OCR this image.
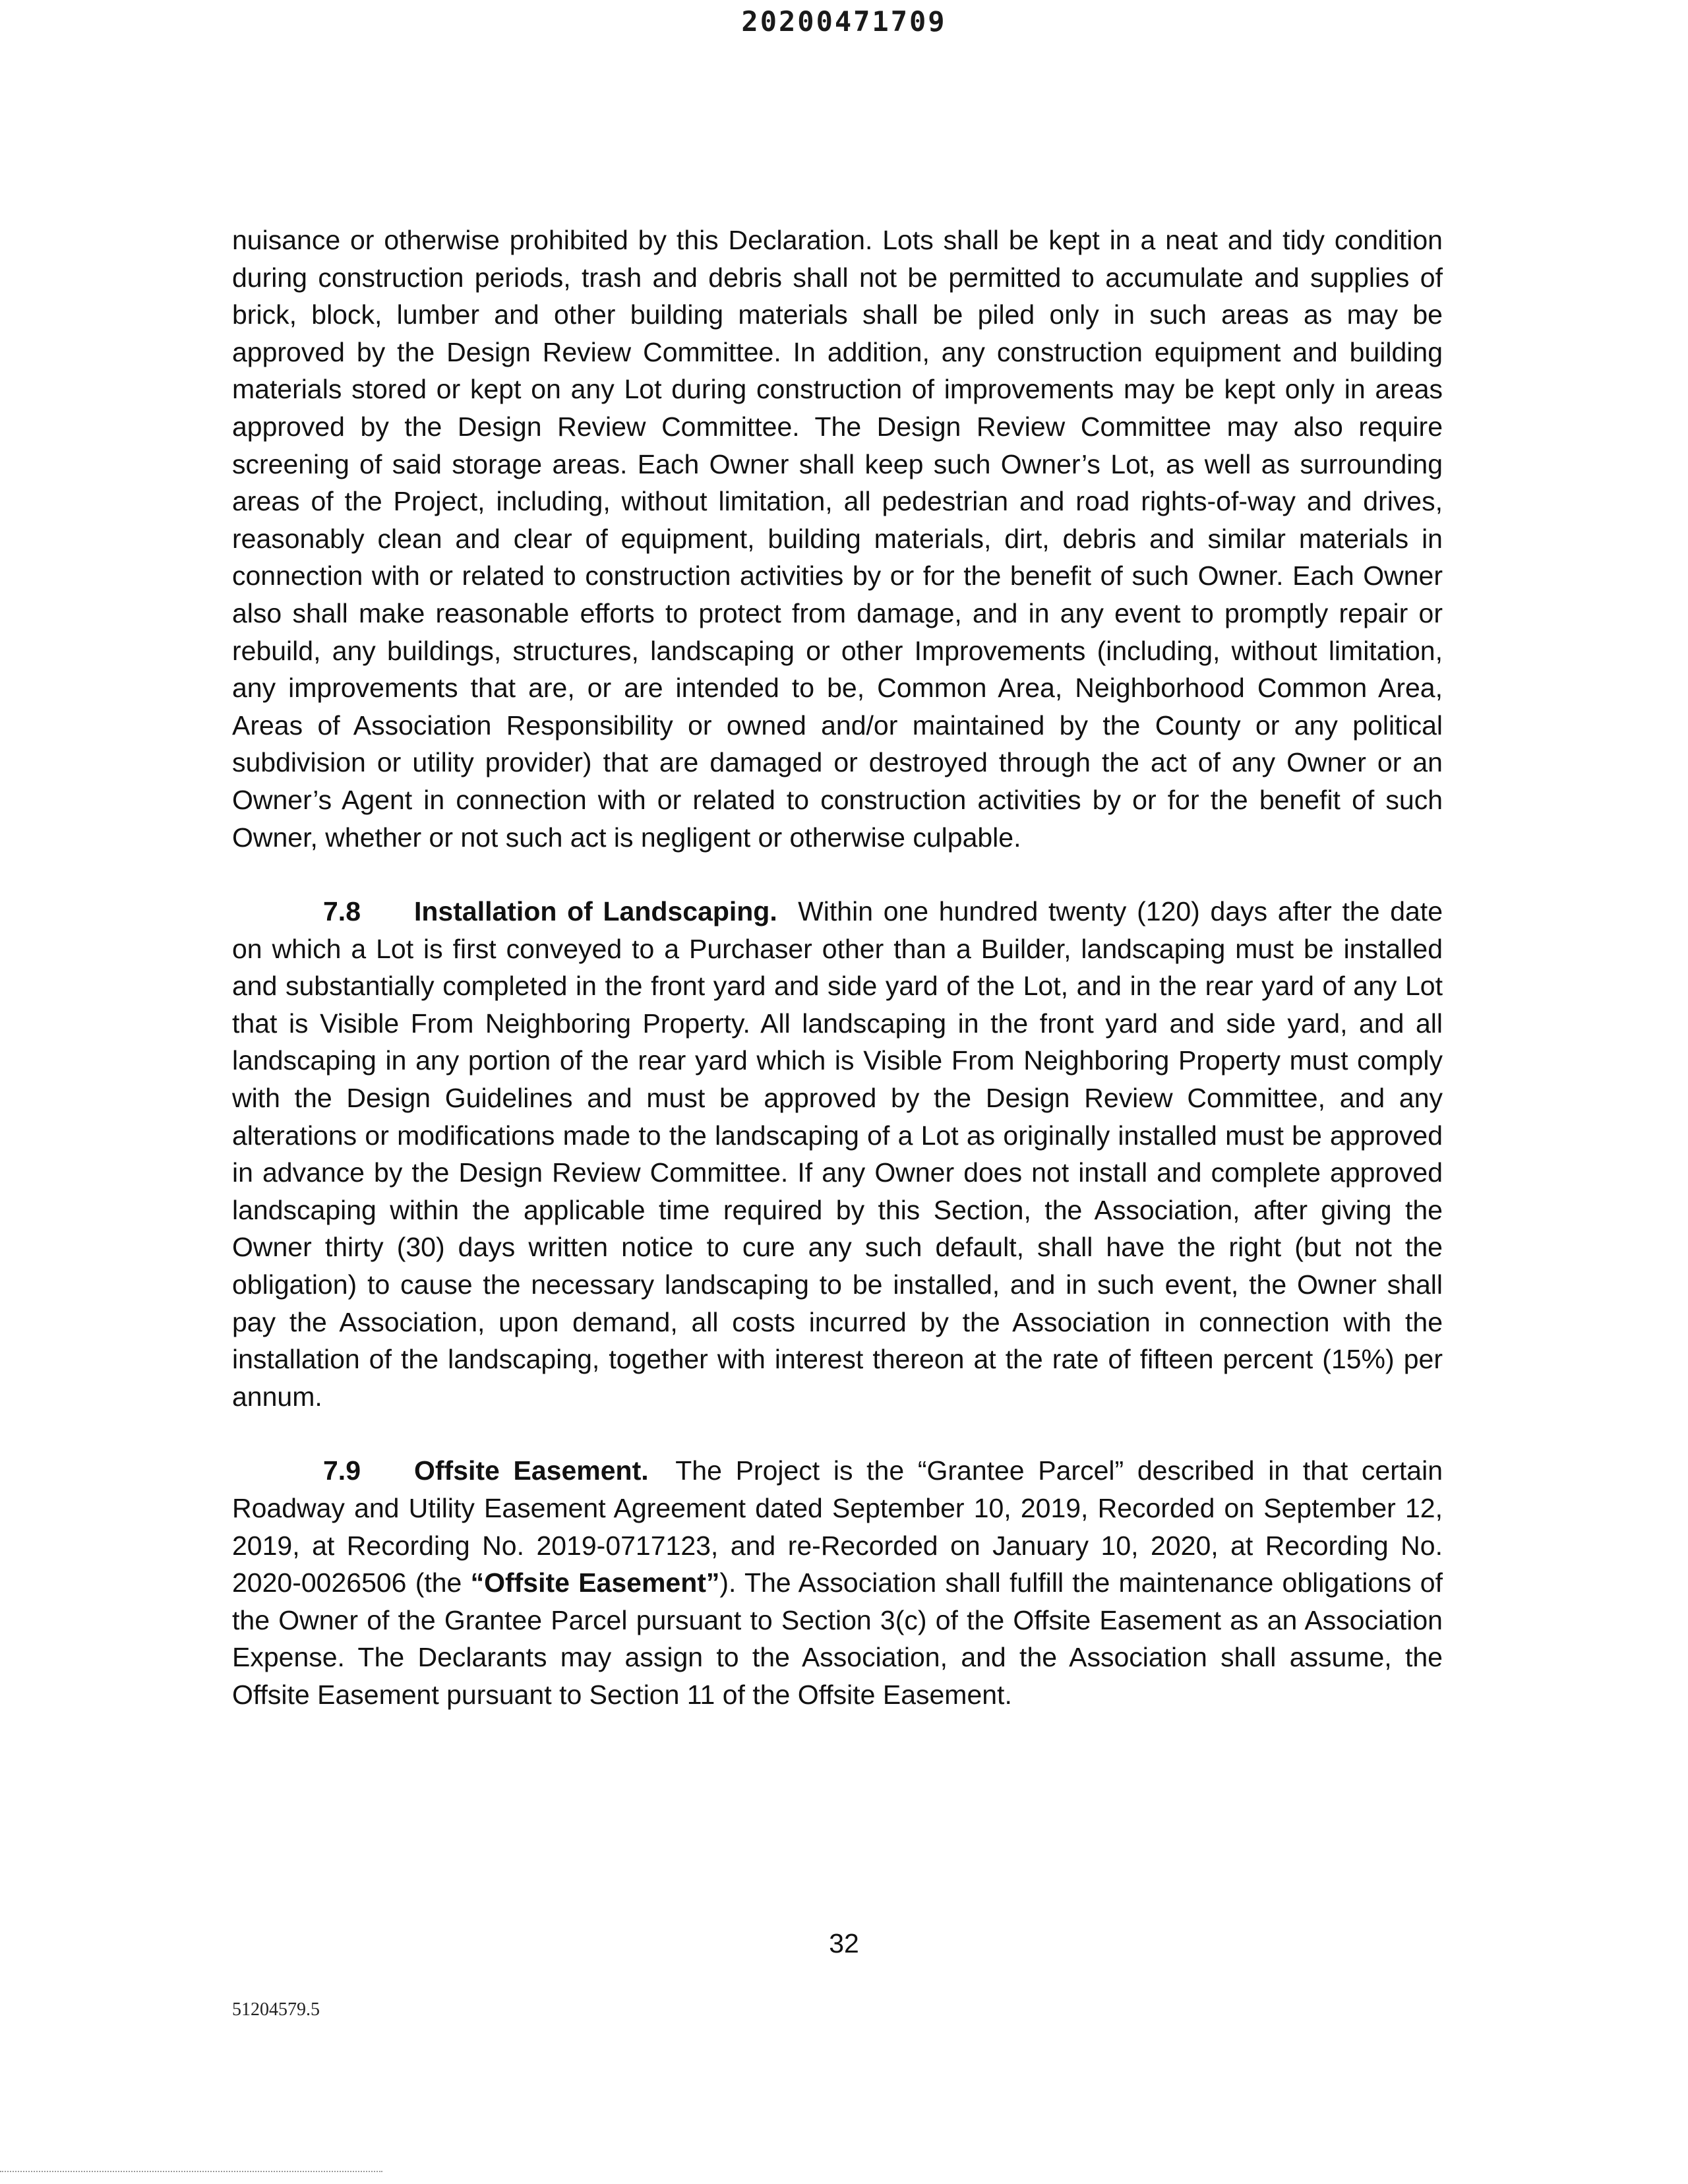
20200471709

nuisance or otherwise prohibited by this Declaration. Lots shall be kept in a neat and tidy condition during construction periods, trash and debris shall not be permitted to accumulate and supplies of brick, block, lumber and other building materials shall be piled only in such areas as may be approved by the Design Review Committee. In addition, any construction equipment and building materials stored or kept on any Lot during construction of improvements may be kept only in areas approved by the Design Review Committee. The Design Review Committee may also require screening of said storage areas. Each Owner shall keep such Owner’s Lot, as well as surrounding areas of the Project, including, without limitation, all pedestrian and road rights-of-way and drives, reasonably clean and clear of equipment, building materials, dirt, debris and similar materials in connection with or related to construction activities by or for the benefit of such Owner. Each Owner also shall make reasonable efforts to protect from damage, and in any event to promptly repair or rebuild, any buildings, structures, landscaping or other Improvements (including, without limitation, any improvements that are, or are intended to be, Common Area, Neighborhood Common Area, Areas of Association Responsibility or owned and/or maintained by the County or any political subdivision or utility provider) that are damaged or destroyed through the act of any Owner or an Owner’s Agent in connection with or related to construction activities by or for the benefit of such Owner, whether or not such act is negligent or otherwise culpable.

7.8 Installation of Landscaping. Within one hundred twenty (120) days after the date on which a Lot is first conveyed to a Purchaser other than a Builder, landscaping must be installed and substantially completed in the front yard and side yard of the Lot, and in the rear yard of any Lot that is Visible From Neighboring Property. All landscaping in the front yard and side yard, and all landscaping in any portion of the rear yard which is Visible From Neighboring Property must comply with the Design Guidelines and must be approved by the Design Review Committee, and any alterations or modifications made to the landscaping of a Lot as originally installed must be approved in advance by the Design Review Committee. If any Owner does not install and complete approved landscaping within the applicable time required by this Section, the Association, after giving the Owner thirty (30) days written notice to cure any such default, shall have the right (but not the obligation) to cause the necessary landscaping to be installed, and in such event, the Owner shall pay the Association, upon demand, all costs incurred by the Association in connection with the installation of the landscaping, together with interest thereon at the rate of fifteen percent (15%) per annum.

7.9 Offsite Easement. The Project is the “Grantee Parcel” described in that certain Roadway and Utility Easement Agreement dated September 10, 2019, Recorded on September 12, 2019, at Recording No. 2019-0717123, and re-Recorded on January 10, 2020, at Recording No. 2020-0026506 (the “Offsite Easement”). The Association shall fulfill the maintenance obligations of the Owner of the Grantee Parcel pursuant to Section 3(c) of the Offsite Easement as an Association Expense. The Declarants may assign to the Association, and the Association shall assume, the Offsite Easement pursuant to Section 11 of the Offsite Easement.

32
51204579.5
